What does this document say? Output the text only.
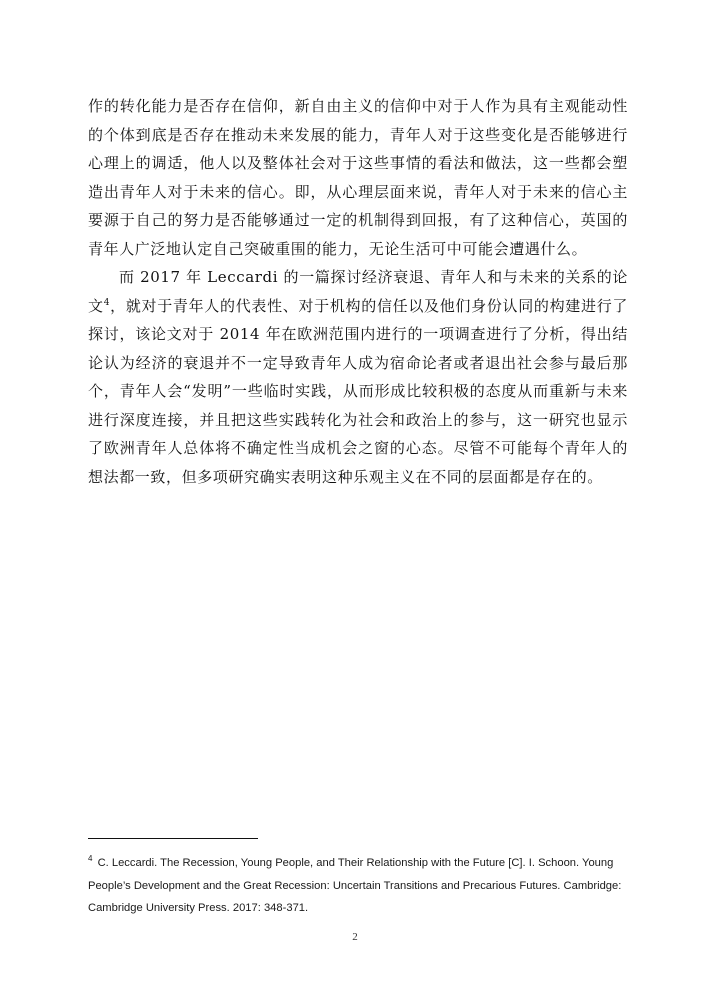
作的转化能力是否存在信仰，新自由主义的信仰中对于人作为具有主观能动性的个体到底是否存在推动未来发展的能力，青年人对于这些变化是否能够进行心理上的调适，他人以及整体社会对于这些事情的看法和做法，这一些都会塑造出青年人对于未来的信心。即，从心理层面来说，青年人对于未来的信心主要源于自己的努力是否能够通过一定的机制得到回报，有了这种信心，英国的青年人广泛地认定自己突破重围的能力，无论生活可中可能会遭遇什么。

而 2017 年 Leccardi 的一篇探讨经济衰退、青年人和与未来的关系的论文$^4$，就对于青年人的代表性、对于机构的信任以及他们身份认同的构建进行了探讨，该论文对于 2014 年在欧洲范围内进行的一项调查进行了分析，得出结论认为经济的衰退并不一定导致青年人成为宿命论者或者退出社会参与最后那个，青年人会“发明”一些临时实践，从而形成比较积极的态度从而重新与未来进行深度连接，并且把这些实践转化为社会和政治上的参与，这一研究也显示了欧洲青年人总体将不确定性当成机会之窗的心态。尽管不可能每个青年人的想法都一致，但多项研究确实表明这种乐观主义在不同的层面都是存在的。

$^4$ C. Leccardi. The Recession, Young People, and Their Relationship with the Future [C]. I. Schoon. Young People’s Development and the Great Recession: Uncertain Transitions and Precarious Futures. Cambridge: Cambridge University Press. 2017: 348-371.
2
